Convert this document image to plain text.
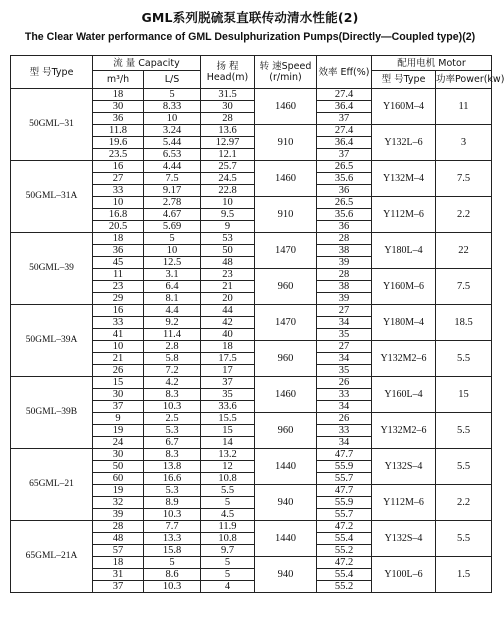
GML系列脱硫泵直联传动清水性能(2)
The Clear Water performance of GML Desulphurization Pumps(Directly—Coupled type)(2)
型 号Type	流 量 Capacity		扬 程 Head(m)	转 速Speed (r/min)	效率 Eff(%)	配用电机 Motor	
	m³/h	L/S				型 号Type	功率Power(kw)
50GML–31	18	5	31.5	1460	27.4	Y160M–4	11
	30	8.33	30		36.4		
	36	10	28		37		
	11.8	3.24	13.6	910	27.4	Y132L–6	3
	19.6	5.44	12.97		36.4		
	23.5	6.53	12.1		37		
50GML–31A	16	4.44	25.7	1460	26.5	Y132M–4	7.5
	27	7.5	24.5		35.6		
	33	9.17	22.8		36		
	10	2.78	10	910	26.5	Y112M–6	2.2
	16.8	4.67	9.5		35.6		
	20.5	5.69	9		36		
50GML–39	18	5	53	1470	28	Y180L–4	22
	36	10	50		38		
	45	12.5	48		39		
	11	3.1	23	960	28	Y160M–6	7.5
	23	6.4	21		38		
	29	8.1	20		39		
50GML–39A	16	4.4	44	1470	27	Y180M–4	18.5
	33	9.2	42		34		
	41	11.4	40		35		
	10	2.8	18	960	27	Y132M2–6	5.5
	21	5.8	17.5		34		
	26	7.2	17		35		
50GML–39B	15	4.2	37	1460	26	Y160L–4	15
	30	8.3	35		33		
	37	10.3	33.6		34		
	9	2.5	15.5	960	26	Y132M2–6	5.5
	19	5.3	15		33		
	24	6.7	14		34		
65GML–21	30	8.3	13.2	1440	47.7	Y132S–4	5.5
	50	13.8	12		55.9		
	60	16.6	10.8		55.7		
	19	5.3	5.5	940	47.7	Y112M–6	2.2
	32	8.9	5		55.9		
	39	10.3	4.5		55.7		
65GML–21A	28	7.7	11.9	1440	47.2	Y132S–4	5.5
	48	13.3	10.8		55.4		
	57	15.8	9.7		55.2		
	18	5	5	940	47.2	Y100L–6	1.5
	31	8.6	5		55.4		
	37	10.3	4		55.2		
